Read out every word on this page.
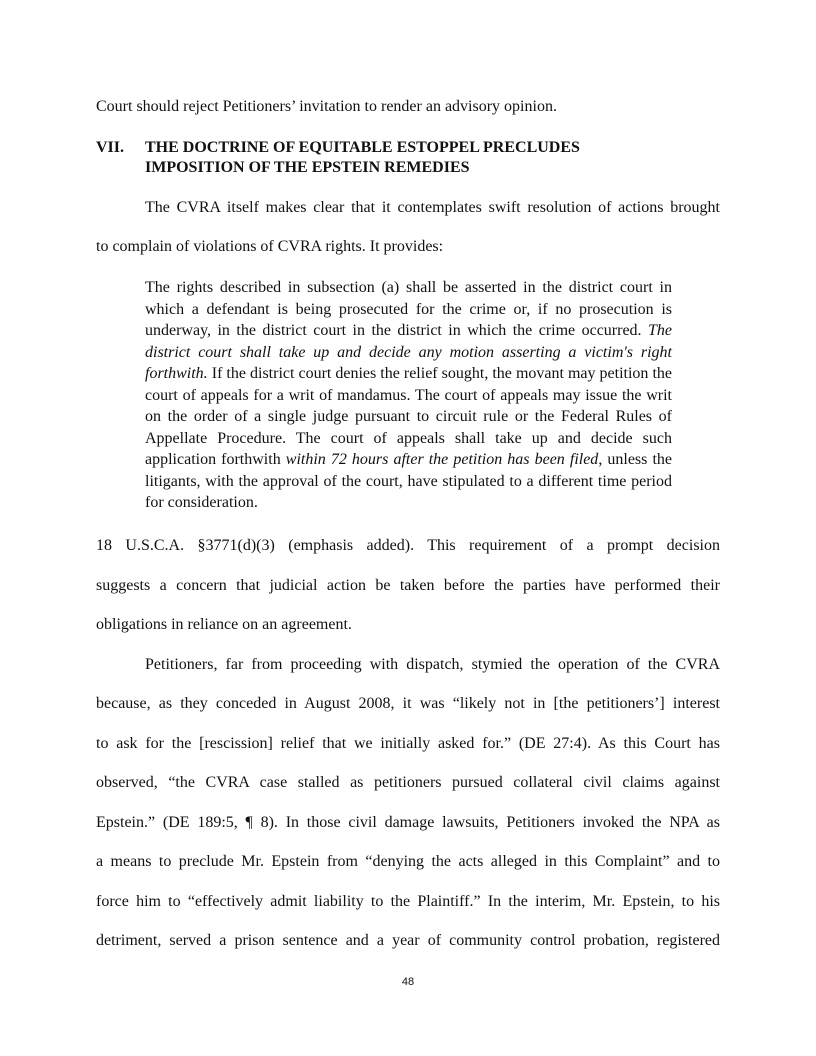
Court should reject Petitioners’ invitation to render an advisory opinion.
VII. THE DOCTRINE OF EQUITABLE ESTOPPEL PRECLUDES
IMPOSITION OF THE EPSTEIN REMEDIES
The CVRA itself makes clear that it contemplates swift resolution of actions brought
to complain of violations of CVRA rights. It provides:
The rights described in subsection (a) shall be asserted in the district court in which a defendant is being prosecuted for the crime or, if no prosecution is underway, in the district court in the district in which the crime occurred. The district court shall take up and decide any motion asserting a victim's right forthwith. If the district court denies the relief sought, the movant may petition the court of appeals for a writ of mandamus. The court of appeals may issue the writ on the order of a single judge pursuant to circuit rule or the Federal Rules of Appellate Procedure. The court of appeals shall take up and decide such application forthwith within 72 hours after the petition has been filed, unless the litigants, with the approval of the court, have stipulated to a different time period for consideration.
18 U.S.C.A. §3771(d)(3) (emphasis added). This requirement of a prompt decision
suggests a concern that judicial action be taken before the parties have performed their
obligations in reliance on an agreement.
Petitioners, far from proceeding with dispatch, stymied the operation of the CVRA
because, as they conceded in August 2008, it was “likely not in [the petitioners’] interest
to ask for the [rescission] relief that we initially asked for.” (DE 27:4). As this Court has
observed, “the CVRA case stalled as petitioners pursued collateral civil claims against
Epstein.” (DE 189:5, ¶ 8). In those civil damage lawsuits, Petitioners invoked the NPA as
a means to preclude Mr. Epstein from “denying the acts alleged in this Complaint” and to
force him to “effectively admit liability to the Plaintiff.” In the interim, Mr. Epstein, to his
detriment, served a prison sentence and a year of community control probation, registered
48
